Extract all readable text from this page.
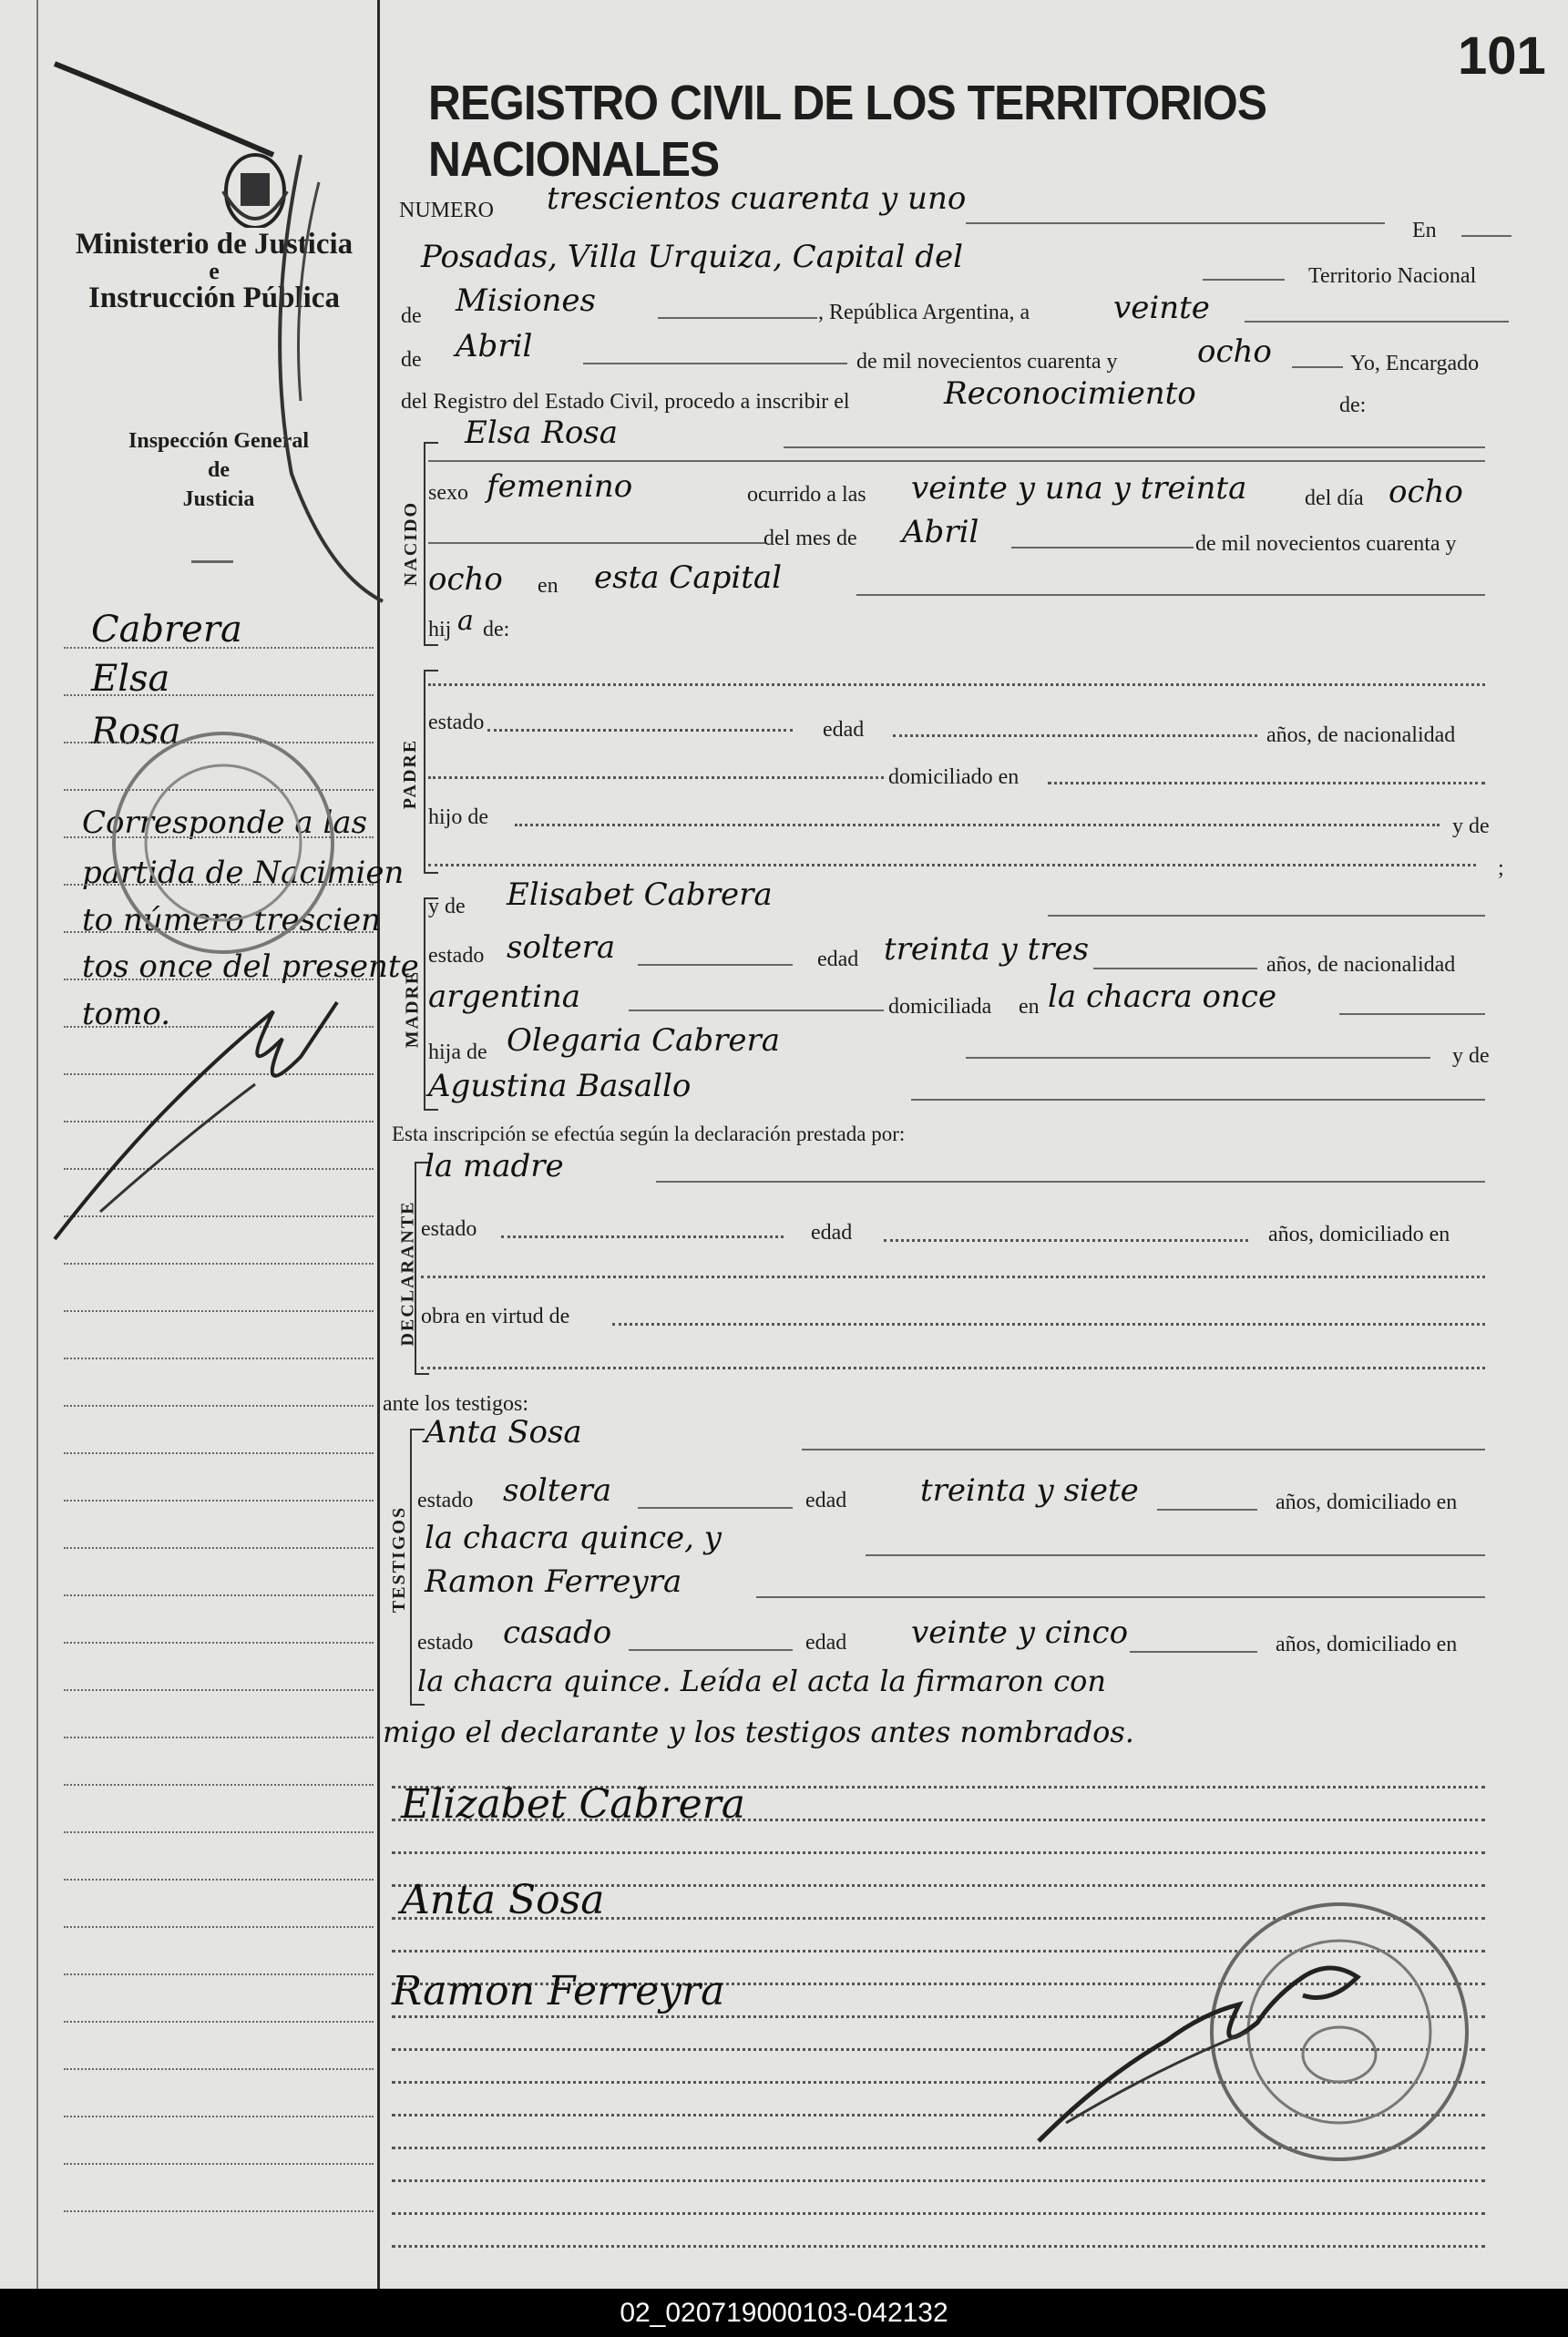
101
REGISTRO CIVIL DE LOS TERRITORIOS NACIONALES
Ministerio de Justicia
e
Instrucción Pública
Inspección General
de
Justicia
Cabrera
Elsa
Rosa
Corresponde a las
partida de Nacimien
to número trescien
tos once del presente
tomo.
NUMERO trescientos cuarenta y uno
En
Posadas, Villa Urquiza, Capital del
Territorio Nacional
de Misiones	, República Argentina, a	veinte
de Abril	de mil novecientos cuarenta y	ocho	Yo, Encargado
del Registro del Estado Civil, procedo a inscribir el	Reconocimiento	de:
NACIDO
Elsa Rosa
sexo femenino	ocurrido a las veinte y una y treinta	del día ocho
del mes de Abril	de mil novecientos cuarenta y
ocho en esta Capital
hij a de:
PADRE
estado	edad	años, de nacionalidad
domiciliado en
hijo de	y de
;
MADRE
y de Elisabet Cabrera
estado soltera	edad treinta y tres	años, de nacionalidad
argentina	domiciliada en la chacra once
hija de Olegaria Cabrera	y de
Agustina Basallo
Esta inscripción se efectúa según la declaración prestada por:
DECLARANTE
la madre
estado	edad	años, domiciliado en
obra en virtud de
ante los testigos:
TESTIGOS
Anta Sosa
estado soltera	edad treinta y siete	años, domiciliado en
la chacra quince, y
Ramon Ferreyra
estado casado	edad veinte y cinco	años, domiciliado en
la chacra quince. Leída el acta la firmaron con
migo el declarante y los testigos antes nombrados.
Elizabet Cabrera
Anta Sosa
Ramon Ferreyra
02_020719000103-042132
